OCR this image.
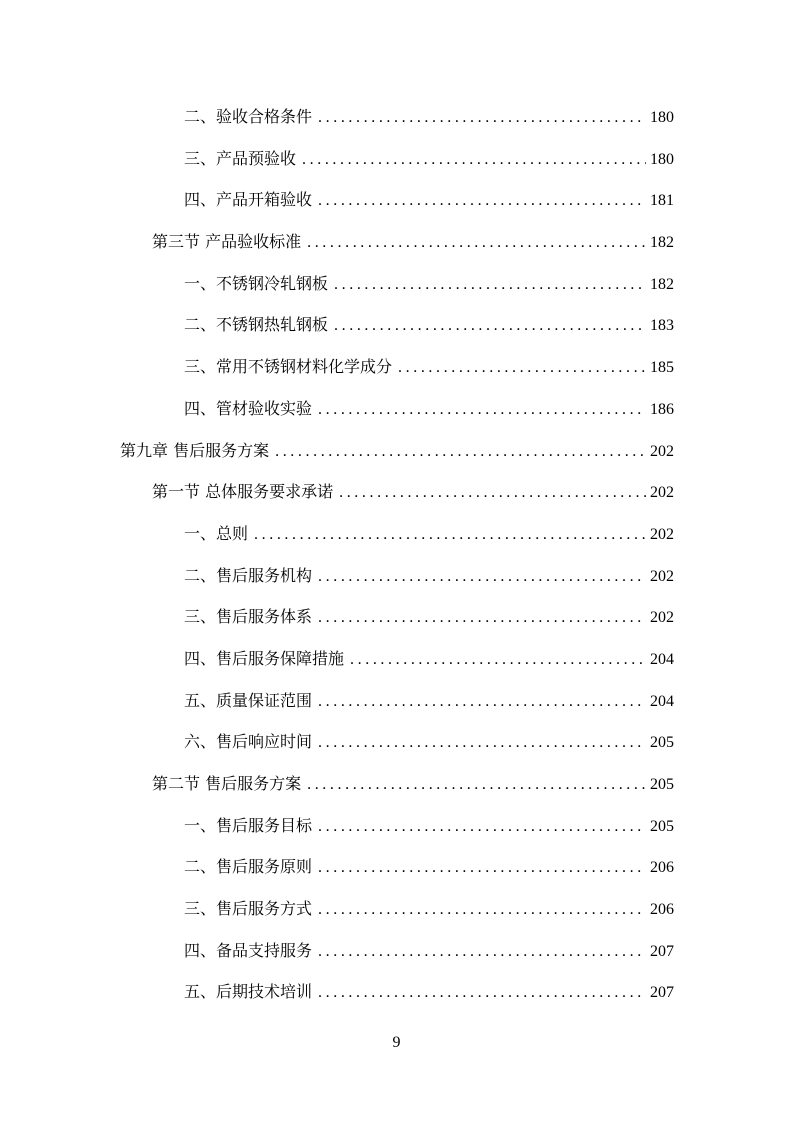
二、验收合格条件 .....	180
三、产品预验收 .....	180
四、产品开箱验收 .....	181
第三节 产品验收标准 .....	182
一、不锈钢冷轧钢板 .....	182
二、不锈钢热轧钢板 .....	183
三、常用不锈钢材料化学成分 .....	185
四、管材验收实验 .....	186
第九章 售后服务方案 .....	202
第一节 总体服务要求承诺 .....	202
一、总则 .....	202
二、售后服务机构 .....	202
三、售后服务体系 .....	202
四、售后服务保障措施 .....	204
五、质量保证范围 .....	204
六、售后响应时间 .....	205
第二节 售后服务方案 .....	205
一、售后服务目标 .....	205
二、售后服务原则 .....	206
三、售后服务方式 .....	206
四、备品支持服务 .....	207
五、后期技术培训 .....	207
9
